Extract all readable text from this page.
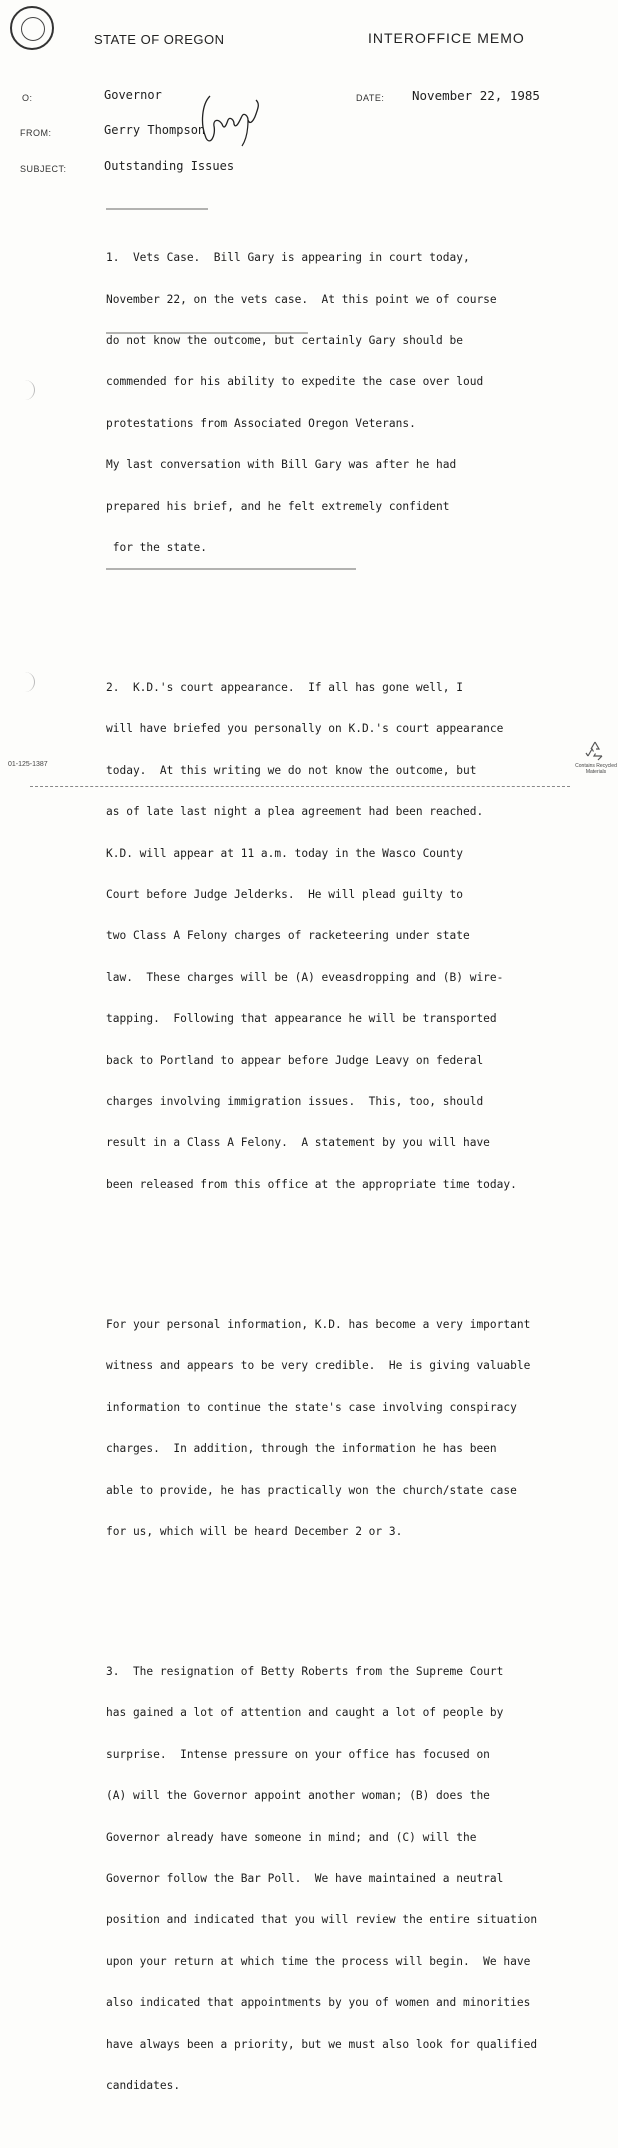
STATE OF OREGON	INTEROFFICE MEMO
O:	Governor	DATE: November 22, 1985
FROM:	Gerry Thompson
SUBJECT:	Outstanding Issues

1.  Vets Case.  Bill Gary is appearing in court today,

November 22, on the vets case.  At this point we of course

do not know the outcome, but certainly Gary should be

commended for his ability to expedite the case over loud

protestations from Associated Oregon Veterans.

My last conversation with Bill Gary was after he had

prepared his brief, and he felt extremely confident

for the state.

2.  K.D.'s court appearance.  If all has gone well, I

will have briefed you personally on K.D.'s court appearance

today.  At this writing we do not know the outcome, but

as of late last night a plea agreement had been reached.

K.D. will appear at 11 a.m. today in the Wasco County

Court before Judge Jelderks.  He will plead guilty to

two Class A Felony charges of racketeering under state

law.  These charges will be (A) eveasdropping and (B) wire-

tapping.  Following that appearance he will be transported

back to Portland to appear before Judge Leavy on federal

charges involving immigration issues.  This, too, should

result in a Class A Felony.  A statement by you will have

been released from this office at the appropriate time today.

For your personal information, K.D. has become a very important

witness and appears to be very credible.  He is giving valuable

information to continue the state's case involving conspiracy

charges.  In addition, through the information he has been

able to provide, he has practically won the church/state case

for us, which will be heard December 2 or 3.

3.  The resignation of Betty Roberts from the Supreme Court

has gained a lot of attention and caught a lot of people by

surprise.  Intense pressure on your office has focused on

(A) will the Governor appoint another woman; (B) does the

Governor already have someone in mind; and (C) will the

Governor follow the Bar Poll.  We have maintained a neutral

position and indicated that you will review the entire situation

upon your return at which time the process will begin.  We have

also indicated that appointments by you of women and minorities

have always been a priority, but we must also look for qualified

candidates.

01-125-1387	Contains Recycled Materials
